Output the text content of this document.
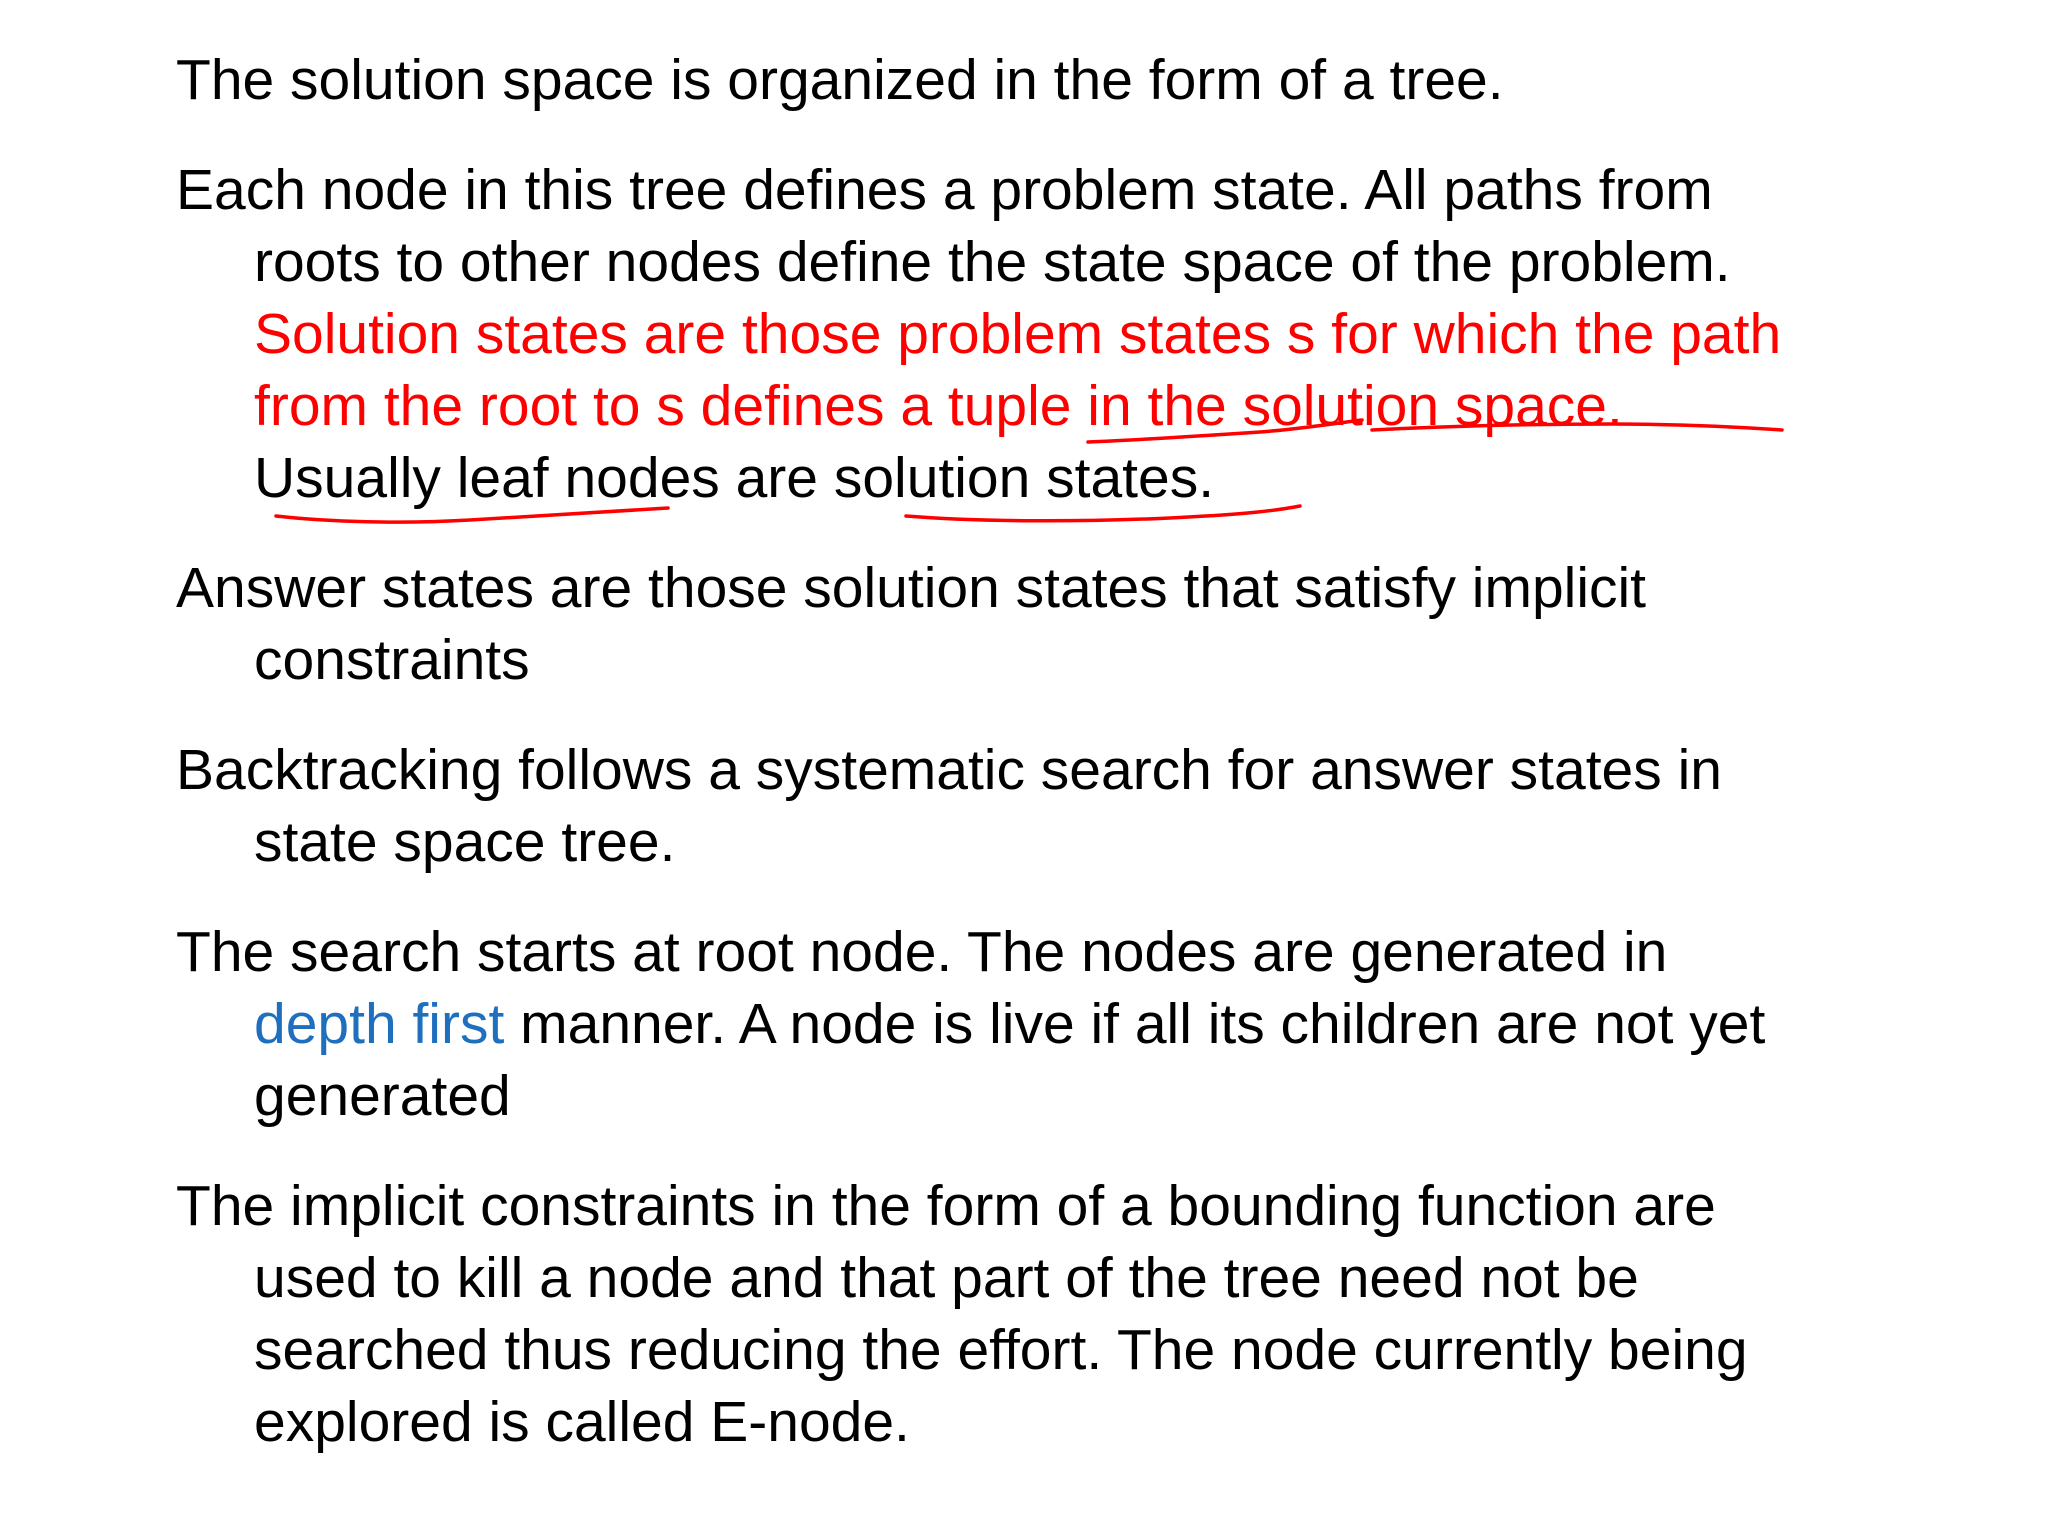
The solution space is organized in the form of a tree.

Each node in this tree defines a problem state. All paths from
roots to other nodes define the state space of the problem.
Solution states are those problem states s for which the path
from the root to s defines a tuple in the solution space.
Usually leaf nodes are solution states.

Answer states are those solution states that satisfy implicit
constraints

Backtracking follows a systematic search for answer states in
state space tree.

The search starts at root node. The nodes are generated in
depth first manner. A node is live if all its children are not yet
generated

The implicit constraints in the form of a bounding function are
used to kill a node and that part of the tree need not be
searched thus reducing the effort. The node currently being
explored is called E-node.
